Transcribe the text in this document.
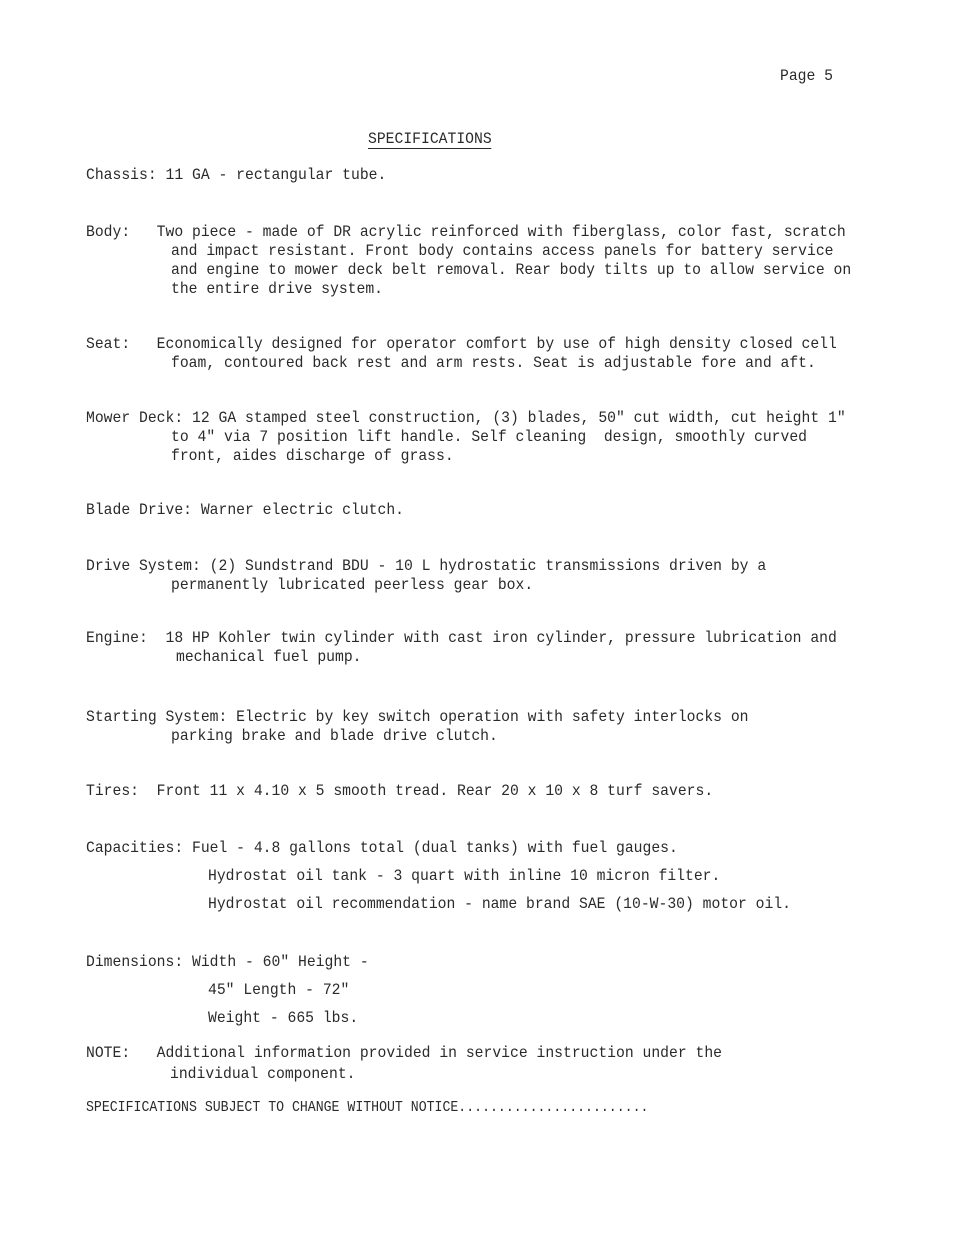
Page 5
SPECIFICATIONS
Chassis: 11 GA - rectangular tube.
Body:   Two piece - made of DR acrylic reinforced with fiberglass, color fast, scratch
and impact resistant. Front body contains access panels for battery service
and engine to mower deck belt removal. Rear body tilts up to allow service on
the entire drive system.
Seat:   Economically designed for operator comfort by use of high density closed cell
foam, contoured back rest and arm rests. Seat is adjustable fore and aft.
Mower Deck: 12 GA stamped steel construction, (3) blades, 50" cut width, cut height 1"
to 4" via 7 position lift handle. Self cleaning  design, smoothly curved
front, aides discharge of grass.
Blade Drive: Warner electric clutch.
Drive System: (2) Sundstrand BDU - 10 L hydrostatic transmissions driven by a
permanently lubricated peerless gear box.
Engine:  18 HP Kohler twin cylinder with cast iron cylinder, pressure lubrication and
mechanical fuel pump.
Starting System: Electric by key switch operation with safety interlocks on
parking brake and blade drive clutch.
Tires:  Front 11 x 4.10 x 5 smooth tread. Rear 20 x 10 x 8 turf savers.
Capacities: Fuel - 4.8 gallons total (dual tanks) with fuel gauges.
Hydrostat oil tank - 3 quart with inline 10 micron filter.
Hydrostat oil recommendation - name brand SAE (10-W-30) motor oil.
Dimensions: Width - 60" Height -
45" Length - 72"
Weight - 665 lbs.
NOTE:   Additional information provided in service instruction under the
individual component.
SPECIFICATIONS SUBJECT TO CHANGE WITHOUT NOTICE........................
